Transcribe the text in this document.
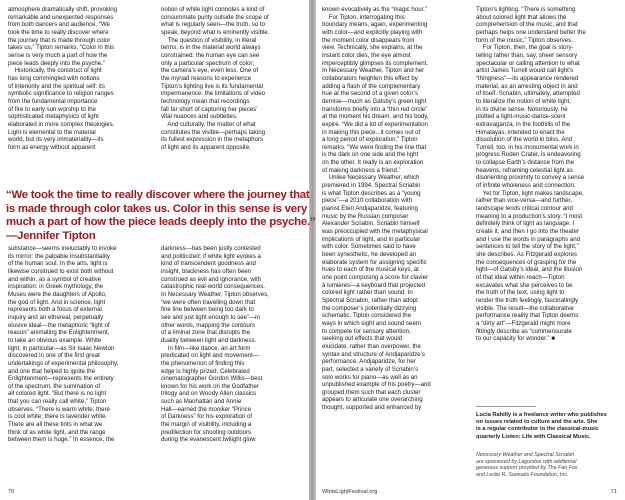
atmosphere dramatically shift, provoking

remarkable and unexpected responses

from both dancers and audience. “We

took the time to really discover where

the journey that is made through color

takes us,” Tipton remarks. “Color in this

sense is very much a part of how the

piece leads deeply into the psyche.”

Historically, the construct of light

has long commingled with notions

of interiority and the spiritual self: its

symbolic significance to religion ranges

from the fundamental importance

of fire to early sun worship to the

sophisticated metaphysics of light

elaborated in more complex theologies.

Light is elemental to the material

world, but its very immateriality—its

form as energy without apparent

notion of white light connotes a kind of

consummate purity outside the scope of

what is regularly seen—the truth, so to

speak, beyond what is eminently visible.

The question of visibility, in literal

terms, is in the material world always

constrained: the human eye can see

only a particular spectrum of color;

the camera’s eye, even less. One of

the myriad reasons to experience

Tipton’s lighting live is its fundamental

impermanence: the limitations of video

technology mean that recordings

fall far short of capturing her pieces’

vital nuances and subtleties.

And culturally, the matter of what

constitutes the visible—perhaps taking

its fullest expression in the metaphors

of light and its apparent opposite,

substance—seems ineluctably to invoke

its mirror: the palpable insubstantiality

of the human soul. In the arts, light is

likewise construed to exist both without

and within, as a symbol of creative

inspiration: in Greek mythology, the

Muses were the daughters of Apollo,

the god of light. And in science, light

represents both a focus of external

inquiry and an ethereal, perpetually

elusive ideal—the metaphoric “light of

reason” animating the Enlightenment,

to take an obvious example. White

light, in particular—as Sir Isaac Newton

discovered in one of the first great

undertakings of experimental philosophy,

and one that helped to ignite the

Enlightenment—represents the entirety

of the spectrum, the summation of

all colored light. “But there is no light

that you can really call white,” Tipton

observes. “There is warm white; there

is cool white; there is lavender white.

There are all these tints in what we

think of as white light, and the range

between them is huge.” In essence, the

darkness—has been justly contested

and politicized: if white light evokes a

kind of transcendent goodness and

insight, blackness has often been

construed as evil and ignorance, with

catastrophic real-world consequences.

In Necessary Weather, Tipton observes,

“we were often travelling down that

fine line between being too dark to

see and just light enough to see”—in

other words, mapping the contours

of a liminal zone that disrupts the

duality between light and darkness.

In film—like dance, an art form

predicated on light and movement—

the phenomenon of finding this

edge is highly prized. Celebrated

cinematographer Gordon Willis—best

known for his work on the Godfather

trilogy and on Woody Allen classics

such as Manhattan and Annie

Hall—earned the moniker “Prince

of Darkness” for his exploration of

the margin of visibility, including a

predilection for shooting outdoors

during the evanescent twilight glow

70

known evocatively as the “magic hour.”

For Tipton, interrogating this

boundary means, again, experimenting

with color—and explicitly playing with

the moment color disappears from

view. Technically, she explains, at the

instant color dies, the eye almost

imperceptibly glimpses its complement.

In Necessary Weather, Tipton and her

collaborators heighten this effect by

adding a flash of the complementary

hue at the second of a given color’s

demise—much as Gatsby’s green light

transforms briefly into a “thin red circle”

at the moment his dream, and his body,

expire. “We did a lot of experimentation

in making this piece...it comes out of

a long period of exploration,” Tipton

remarks. “We were finding the line that

is the dark on one side and the light

on the other. It really is an exploration

of making darkness a friend.”

Unlike Necessary Weather, which

premiered in 1994, Spectral Scriabin

is what Tipton describes as a “young

piece”—a 2010 collaboration with

pianist Eteri Andjaparidze, featuring

music by the Russian composer

Alexander Scriabin. Scriabin himself

was preoccupied with the metaphysical

implications of light, and in particular

with color. Sometimes said to have

been synesthetic, he developed an

elaborate system for assigning specific

hues to each of the musical keys, at

one point composing a score for clavier

à lumières—a keyboard that projected

colored light rather than sound. In

Spectral Scriabin, rather than adopt

the composer’s potentially dizzying

schematic, Tipton considered the

ways in which sight and sound seem

to compete for sensory attention,

seeking out effects that would

elucidate, rather than overpower, the

syntax and structure of Andjaparidze’s

performance. Andjaparidze, for her

part, selected a variety of Scriabin’s

solo works for piano—as well as an

unpublished example of his poetry—and

grouped them such that each cluster

appears to articulate one overarching

thought, supported and enhanced by

Tipton’s lighting. “There is something

about colored light that allows the

comprehension of the music, and that

perhaps helps one understand better the

form of the music,” Tipton observes.

For Tipton, then, the goal is story-

telling rather than, say, sheer sensory

spectacular or calling attention to what

artist James Turrell would call light’s

“thingness”—its appearance rendered

material, as an arresting object in and

of itself. Scriabin, ultimately, attempted

to literalize the notion of white light,

in its divine sense. Notoriously, he

plotted a light-music-dance-scent

extravaganza, in the foothills of the

Himalayas, intended to enact the

dissolution of the world in bliss. And

Turrell, too, in his monumental work in

progress Roden Crater, is endeavoring

to collapse Earth’s distance from the

heavens, reframing celestial light as

disorienting proximity to convey a sense

of infinite wholeness and connection.

Yet for Tipton, light makes landscape,

rather than vice-versa—and further,

landscape lends critical contour and

meaning to a production’s story. “I most

definitely think of light as language. I

create it, and then I go into the theater

and I use the words in paragraphs and

sentences to tell the story of the light,”

she describes. As Fitzgerald explores

the consequences of grasping for the

light—of Gatsby’s ideal, and the illusion

of that ideal within reach—Tipton

excavates what she perceives to be

the truth of the text, using light to

render the truth feelingly, fascinatingly

visible. The result—the collaborative

performance reality that Tipton deems

a “dirty art”—Fitzgerald might more

fittingly describe as “commensurate

to our capacity for wonder.” ■

Lucia Rahilly is a freelance writer who publishes

on issues related to culture and the arts. She

is a regular contributor to the classical-music

quarterly Listen: Life with Classical Music.

Necessary Weather and Spectral Scriabin

are sponsored by Lagunitas with additional

generous support provided by The Fan Fox

and Leslie R. Samuels Foundation, Inc.

WhiteLightFestival.org	71
“We took the time to really discover where the journey that
is made through color takes us. Color in this sense is very
much a part of how the piece leads deeply into the psyche.”
—Jennifer Tipton
